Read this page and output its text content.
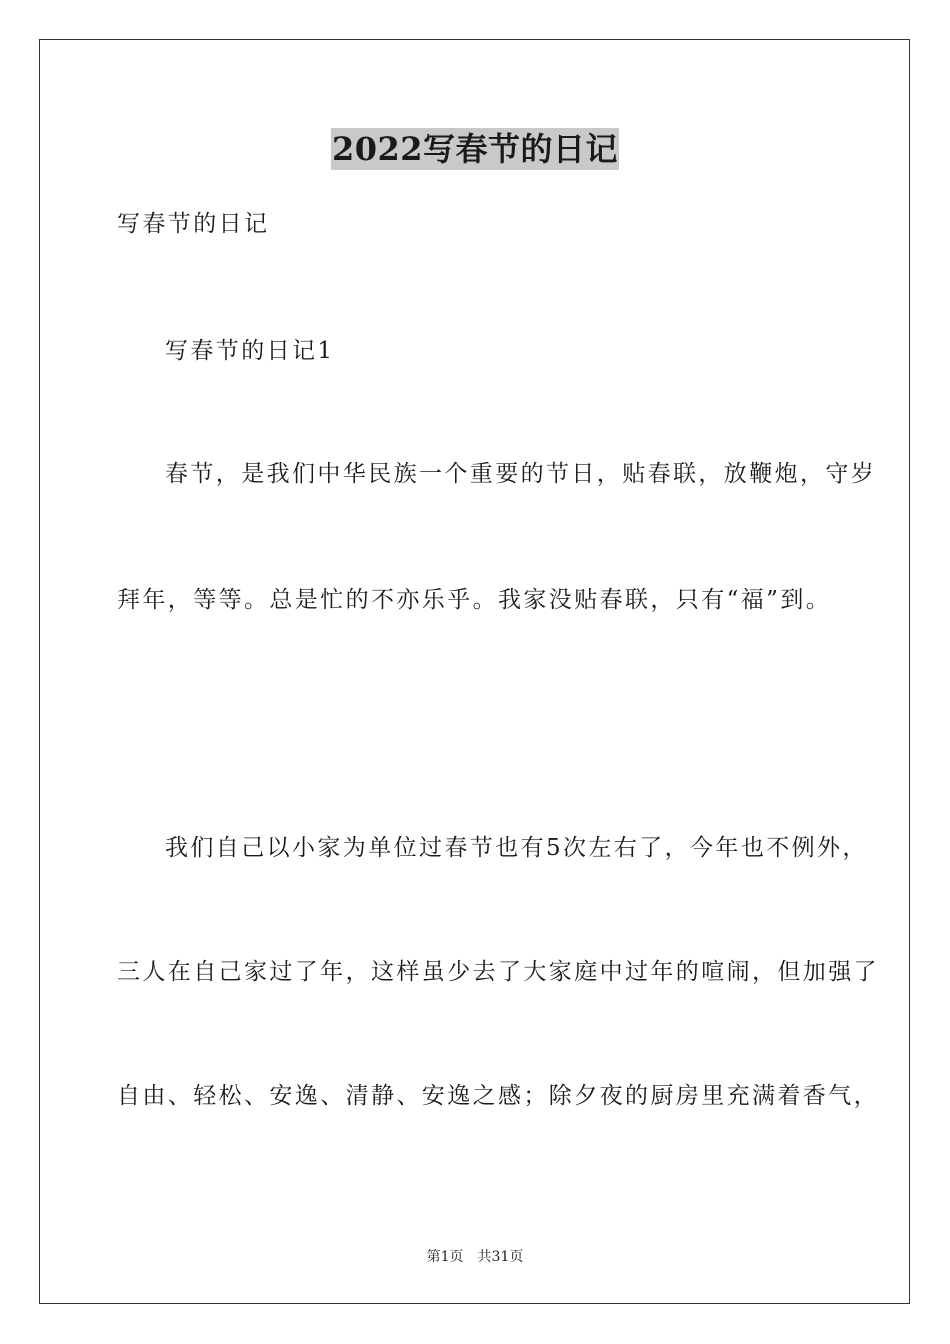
2022写春节的日记

写春节的日记

写春节的日记1

春节，是我们中华民族一个重要的节日，贴春联，放鞭炮，守岁

拜年，等等。总是忙的不亦乐乎。我家没贴春联，只有“福”到。

我们自己以小家为单位过春节也有5次左右了，今年也不例外，

三人在自己家过了年，这样虽少去了大家庭中过年的喧闹，但加强了

自由、轻松、安逸、清静、安逸之感；除夕夜的厨房里充满着香气，

第1页 共31页
